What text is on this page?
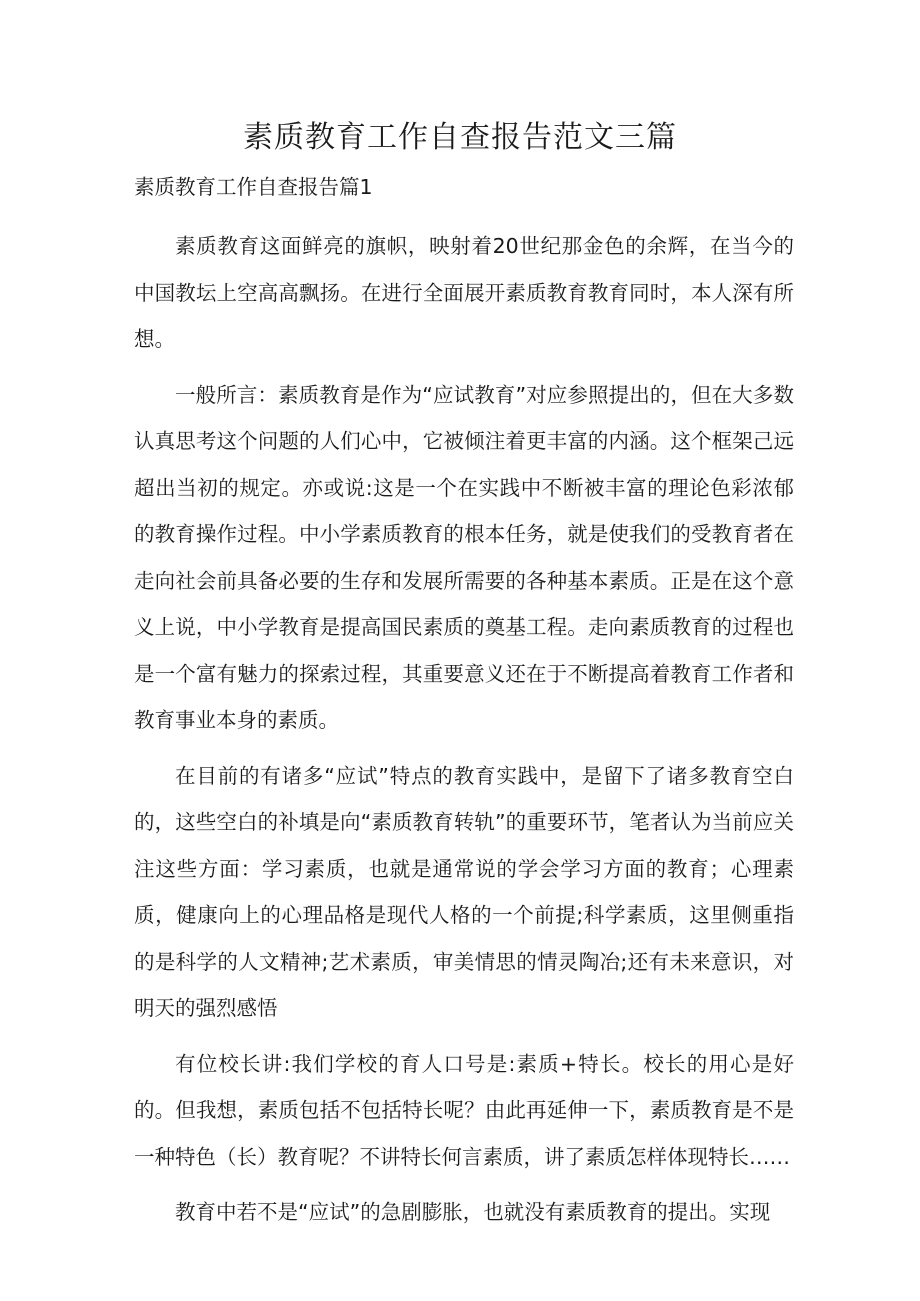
素质教育工作自查报告范文三篇
素质教育工作自查报告篇1

素质教育这面鲜亮的旗帜，映射着20世纪那金色的余辉，在当今的中国教坛上空高高飘扬。在进行全面展开素质教育教育同时，本人深有所想。

一般所言：素质教育是作为“应试教育”对应参照提出的，但在大多数认真思考这个问题的人们心中，它被倾注着更丰富的内涵。这个框架己远超出当初的规定。亦或说:这是一个在实践中不断被丰富的理论色彩浓郁的教育操作过程。中小学素质教育的根本任务，就是使我们的受教育者在走向社会前具备必要的生存和发展所需要的各种基本素质。正是在这个意义上说，中小学教育是提高国民素质的奠基工程。走向素质教育的过程也是一个富有魅力的探索过程，其重要意义还在于不断提高着教育工作者和教育事业本身的素质。

在目前的有诸多“应试”特点的教育实践中，是留下了诸多教育空白的，这些空白的补填是向“素质教育转轨”的重要环节，笔者认为当前应关注这些方面：学习素质，也就是通常说的学会学习方面的教育；心理素质，健康向上的心理品格是现代人格的一个前提;科学素质，这里侧重指的是科学的人文精神;艺术素质，审美情思的情灵陶冶;还有未来意识，对明天的强烈感悟

有位校长讲:我们学校的育人口号是:素质+特长。校长的用心是好的。但我想，素质包括不包括特长呢？由此再延伸一下，素质教育是不是一种特色（长）教育呢？不讲特长何言素质，讲了素质怎样体现特长……

教育中若不是“应试”的急剧膨胀，也就没有素质教育的提出。实现
